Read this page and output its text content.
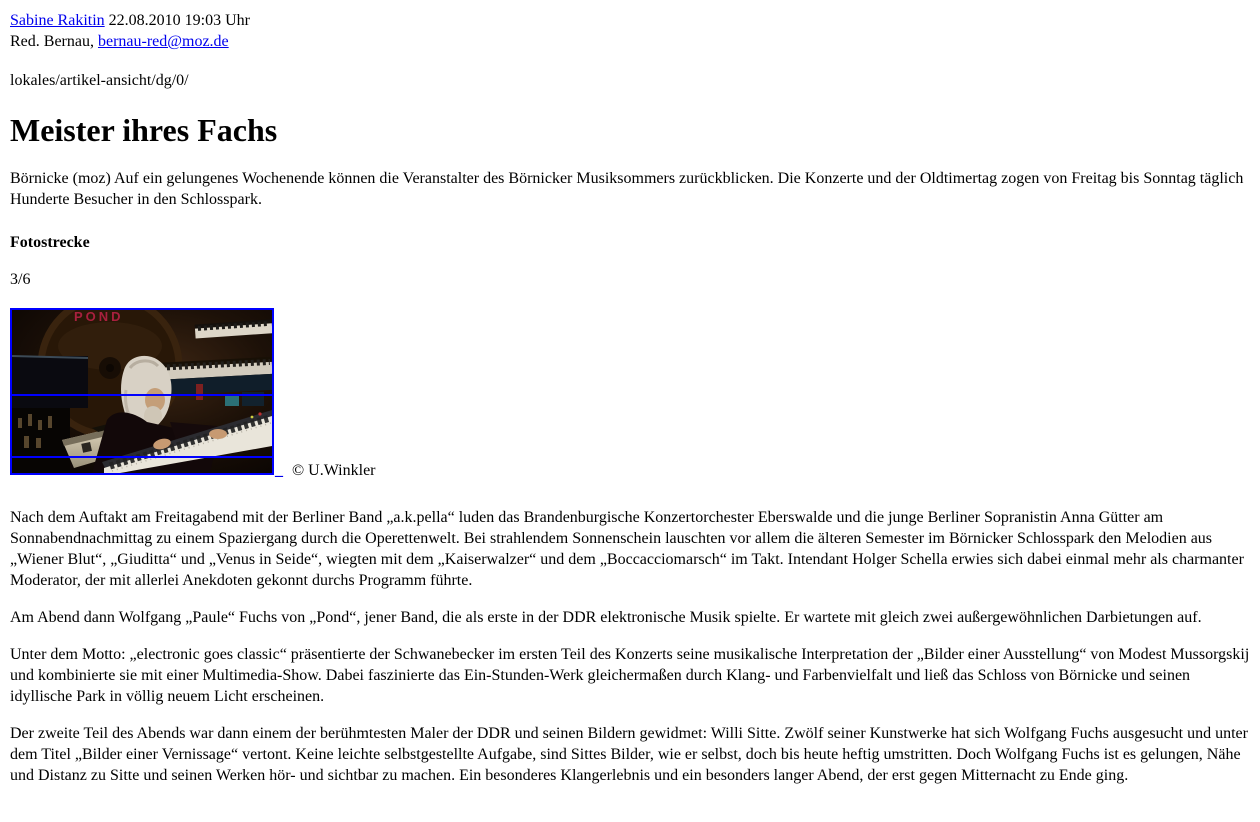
Sabine Rakitin 22.08.2010 19:03 Uhr
Red. Bernau, bernau-red@moz.de

lokales/artikel-ansicht/dg/0/

Meister ihres Fachs

Börnicke (moz) Auf ein gelungenes Wochenende können die Veranstalter des Börnicker Musiksommers zurückblicken. Die Konzerte und der Oldtimertag zogen von Freitag bis Sonntag täglich Hunderte Besucher in den Schlosspark.

Fotostrecke

3/6

POND
_ © U.Winkler

Nach dem Auftakt am Freitagabend mit der Berliner Band „a.k.pella“ luden das Brandenburgische Konzertorchester Eberswalde und die junge Berliner Sopranistin Anna Gütter am Sonnabendnachmittag zu einem Spaziergang durch die Operettenwelt. Bei strahlendem Sonnenschein lauschten vor allem die älteren Semester im Börnicker Schlosspark den Melodien aus „Wiener Blut“, „Giuditta“ und „Venus in Seide“, wiegten mit dem „Kaiserwalzer“ und dem „Boccacciomarsch“ im Takt. Intendant Holger Schella erwies sich dabei einmal mehr als charmanter Moderator, der mit allerlei Anekdoten gekonnt durchs Programm führte.

Am Abend dann Wolfgang „Paule“ Fuchs von „Pond“, jener Band, die als erste in der DDR elektronische Musik spielte. Er wartete mit gleich zwei außergewöhnlichen Darbietungen auf.

Unter dem Motto: „electronic goes classic“ präsentierte der Schwanebecker im ersten Teil des Konzerts seine musikalische Interpretation der „Bilder einer Ausstellung“ von Modest Mussorgskij und kombinierte sie mit einer Multimedia-Show. Dabei faszinierte das Ein-Stunden-Werk gleichermaßen durch Klang- und Farbenvielfalt und ließ das Schloss von Börnicke und seinen idyllische Park in völlig neuem Licht erscheinen.

Der zweite Teil des Abends war dann einem der berühmtesten Maler der DDR und seinen Bildern gewidmet: Willi Sitte. Zwölf seiner Kunstwerke hat sich Wolfgang Fuchs ausgesucht und unter dem Titel „Bilder einer Vernissage“ vertont. Keine leichte selbstgestellte Aufgabe, sind Sittes Bilder, wie er selbst, doch bis heute heftig umstritten. Doch Wolfgang Fuchs ist es gelungen, Nähe und Distanz zu Sitte und seinen Werken hör- und sichtbar zu machen. Ein besonderes Klangerlebnis und ein besonders langer Abend, der erst gegen Mitternacht zu Ende ging.
